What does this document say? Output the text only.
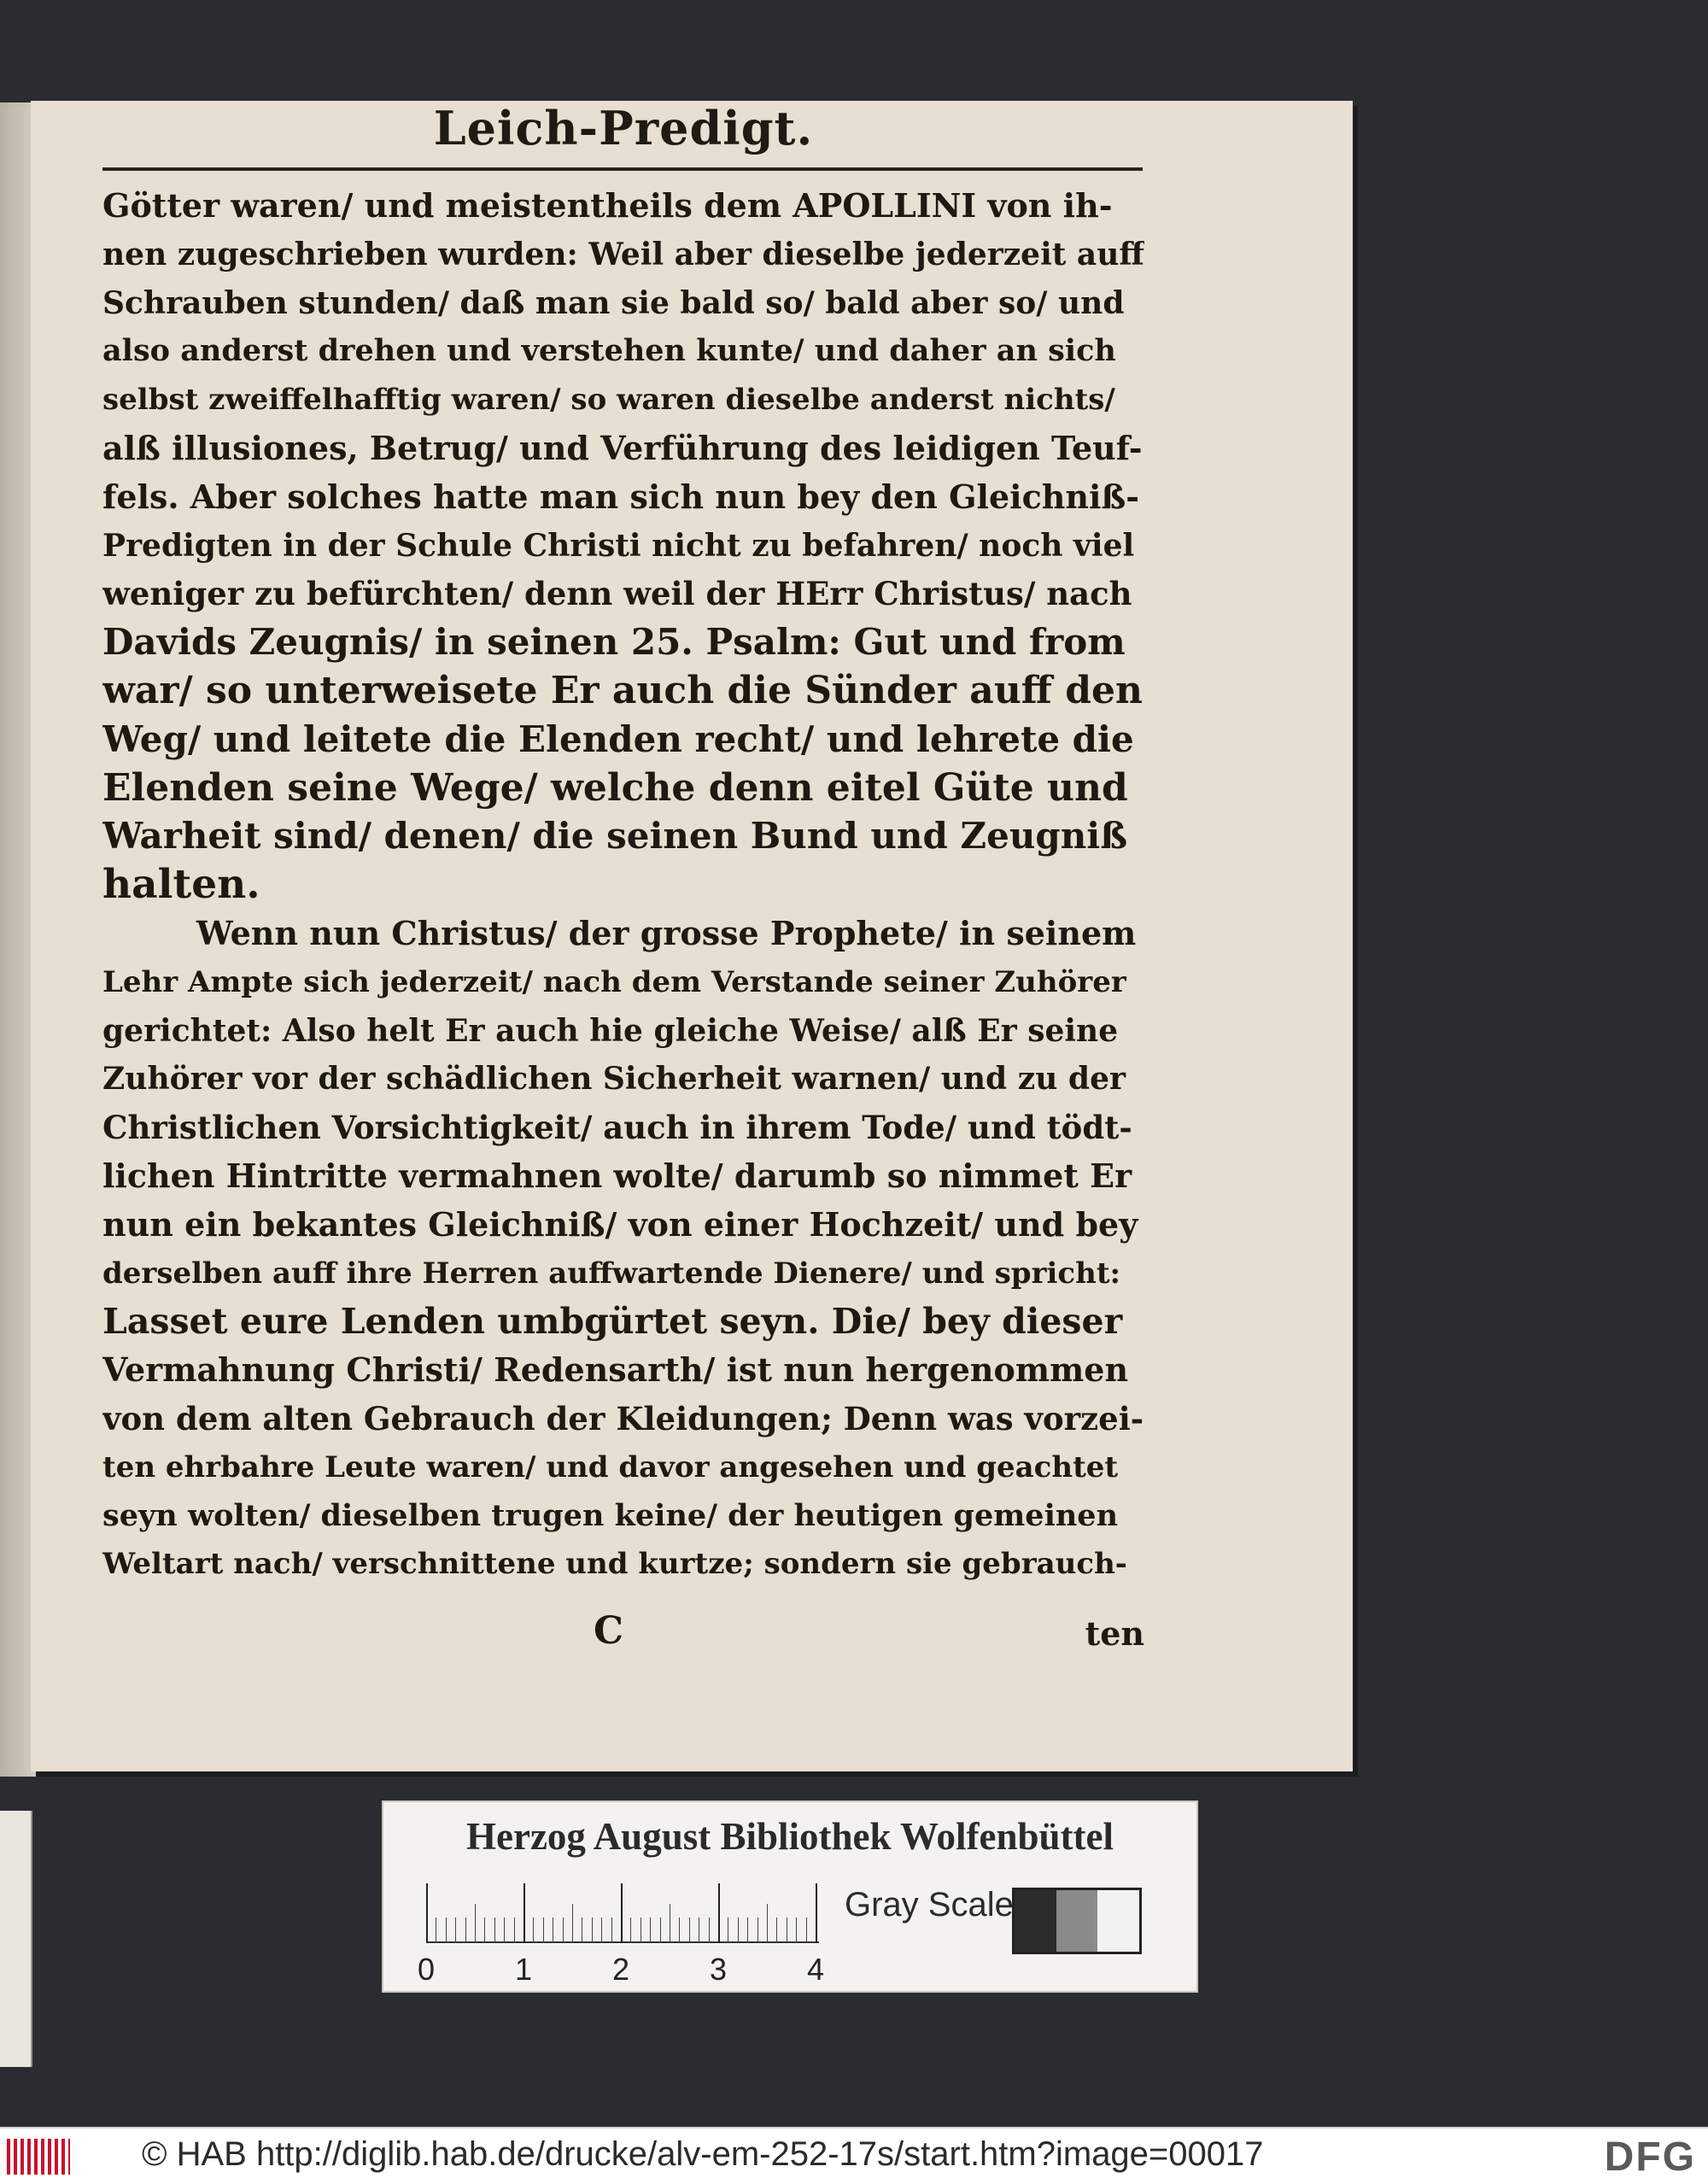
Leich-Predigt.
Götter waren/ und meistentheils dem APOLLINI von ih-
nen zugeschrieben wurden: Weil aber dieselbe jederzeit auff
Schrauben stunden/ daß man sie bald so/ bald aber so/ und
also anderst drehen und verstehen kunte/ und daher an sich
selbst zweiffelhafftig waren/ so waren dieselbe anderst nichts/
alß illusiones, Betrug/ und Verführung des leidigen Teuf-
fels. Aber solches hatte man sich nun bey den Gleichniß-
Predigten in der Schule Christi nicht zu befahren/ noch viel
weniger zu befürchten/ denn weil der HErr Christus/ nach
Davids Zeugnis/ in seinen 25. Psalm: Gut und from
war/ so unterweisete Er auch die Sünder auff den
Weg/ und leitete die Elenden recht/ und lehrete die
Elenden seine Wege/ welche denn eitel Güte und
Warheit sind/ denen/ die seinen Bund und Zeugniß
halten.
Wenn nun Christus/ der grosse Prophete/ in seinem
Lehr Ampte sich jederzeit/ nach dem Verstande seiner Zuhörer
gerichtet: Also helt Er auch hie gleiche Weise/ alß Er seine
Zuhörer vor der schädlichen Sicherheit warnen/ und zu der
Christlichen Vorsichtigkeit/ auch in ihrem Tode/ und tödt-
lichen Hintritte vermahnen wolte/ darumb so nimmet Er
nun ein bekantes Gleichniß/ von einer Hochzeit/ und bey
derselben auff ihre Herren auffwartende Dienere/ und spricht:
Lasset eure Lenden umbgürtet seyn. Die/ bey dieser
Vermahnung Christi/ Redensarth/ ist nun hergenommen
von dem alten Gebrauch der Kleidungen; Denn was vorzei-
ten ehrbahre Leute waren/ und davor angesehen und geachtet
seyn wolten/ dieselben trugen keine/ der heutigen gemeinen
Weltart nach/ verschnittene und kurtze; sondern sie gebrauch-
C	ten
Herzog August Bibliothek Wolfenbüttel
Gray Scale
0	1	2	3	4
© HAB http://diglib.hab.de/drucke/alv-em-252-17s/start.htm?image=00017	DFG
